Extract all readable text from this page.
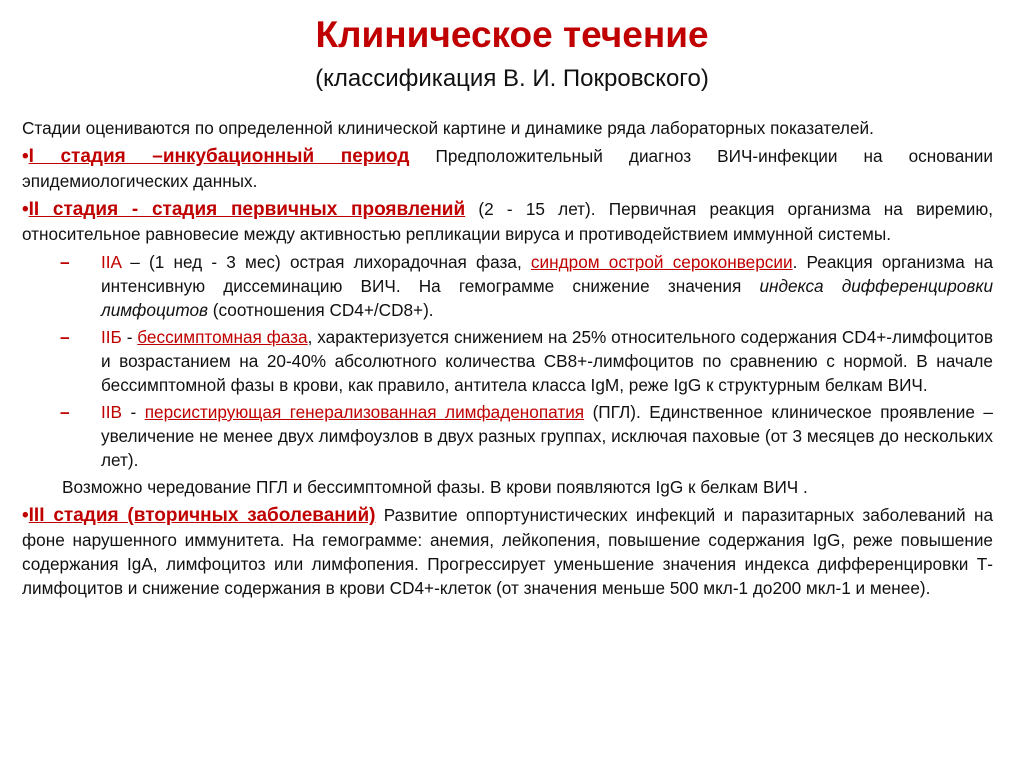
Клиническое течение
(классификация В. И. Покровского)

Стадии оцениваются по определенной клинической картине и динамике ряда лабораторных показателей.

•I стадия –инкубационный период Предположительный диагноз ВИЧ-инфекции на основании эпидемиологических данных.

•II стадия - стадия первичных проявлений (2 - 15 лет). Первичная реакция организма на виремию, относительное равновесие между активностью репликации вируса и противодействием иммунной системы.

– IIA – (1 нед - 3 мес) острая лихорадочная фаза, синдром острой сероконверсии. Реакция организма на интенсивную диссеминацию ВИЧ. На гемограмме снижение значения индекса дифференцировки лимфоцитов (соотношения CD4+/CD8+).
– IIБ - бессимптомная фаза, характеризуется снижением на 25% относительного содержания CD4+-лимфоцитов и возрастанием на 20-40% абсолютного количества CB8+-лимфоцитов по сравнению с нормой. В начале бессимптомной фазы в крови, как правило, антитела класса IgM, реже IgG к структурным белкам ВИЧ.
– IIB - персистирующая генерализованная лимфаденопатия (ПГЛ). Единственное клиническое проявление – увеличение не менее двух лимфоузлов в двух разных группах, исключая паховые (от 3 месяцев до нескольких лет).

Возможно чередование ПГЛ и бессимптомной фазы. В крови появляются IgG к белкам ВИЧ .

•III стадия (вторичных заболеваний) Развитие оппортунистических инфекций и паразитарных заболеваний на фоне нарушенного иммунитета. На гемограмме: анемия, лейкопения, повышение содержания IgG, реже повышение содержания IgA, лимфоцитоз или лимфопения. Прогрессирует уменьшение значения индекса дифференцировки Т-лимфоцитов и снижение содержания в крови CD4+-клеток (от значения меньше 500 мкл-1 до200 мкл-1 и менее).
